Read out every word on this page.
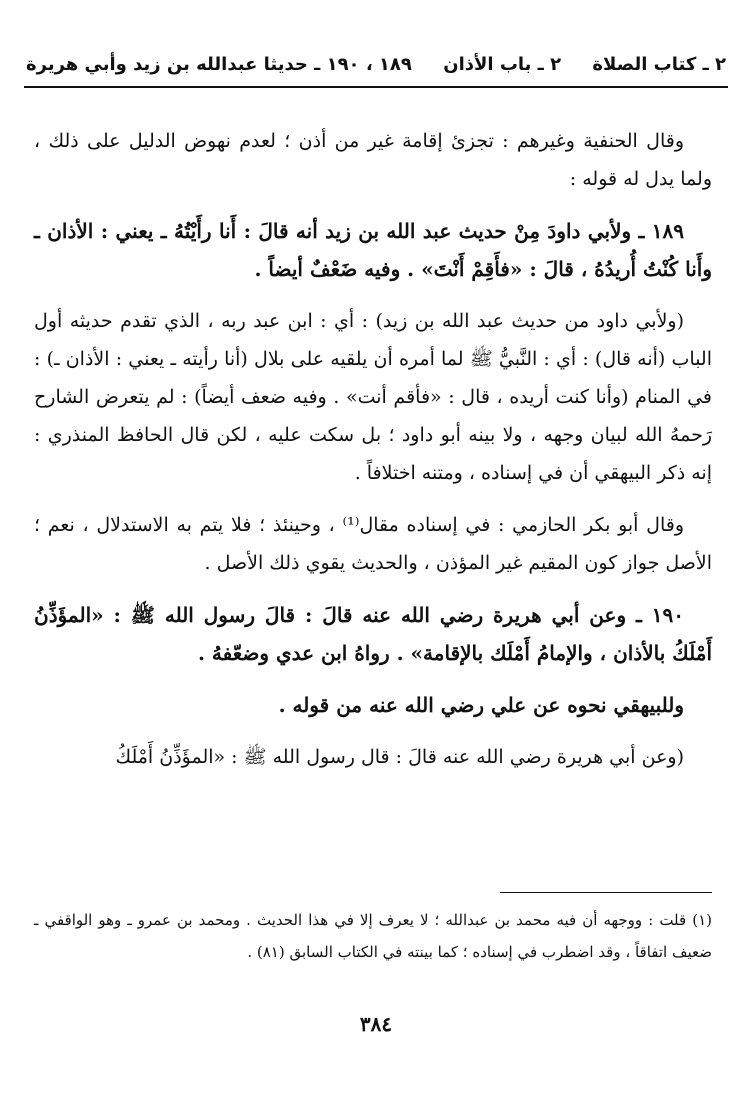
٢ ـ كتاب الصلاة
٢ ـ باب الأذان
١٨٩ ، ١٩٠ ـ حديثا عبدالله بن زيد وأبي هريرة

وقال الحنفية وغيرهم : تجزئ إقامة غير من أذن ؛ لعدم نهوض الدليل على ذلك ، ولما يدل له قوله :

١٨٩ ـ ولأبي داودَ مِنْ حديث عبد الله بن زيد أنه قالَ : أَنا رأَيْتُهُ ـ يعني : الأذان ـ وأَنا كُنْتُ أُريدُهُ ، قالَ : «فأَقِمْ أَنْتَ» . وفيه ضَعْفٌ أيضاً .

(ولأبي داود من حديث عبد الله بن زيد) : أي : ابن عبد ربه ، الذي تقدم حديثه أول الباب (أنه قال) : أي : النَّبيُّ ﷺ لما أمره أن يلقيه على بلال (أنا رأيته ـ يعني : الأذان ـ) : في المنام (وأنا كنت أريده ، قال : «فأقم أنت» . وفيه ضعف أيضاً) : لم يتعرض الشارح رَحمهُ الله لبيان وجهه ، ولا بينه أبو داود ؛ بل سكت عليه ، لكن قال الحافظ المنذري : إنه ذكر البيهقي أن في إسناده ، ومتنه اختلافاً .

وقال أبو بكر الحازمي : في إسناده مقال⁽¹⁾ ، وحينئذ ؛ فلا يتم به الاستدلال ، نعم ؛ الأصل جواز كون المقيم غير المؤذن ، والحديث يقوي ذلك الأصل .

١٩٠ ـ وعن أبي هريرة رضي الله عنه قالَ : قالَ رسول الله ﷺ : «المؤَذِّنُ أَمْلَكُ بالأذان ، والإمامُ أَمْلَك بالإقامة» . رواهُ ابن عدي وضعّفهُ .

وللبيهقي نحوه عن علي رضي الله عنه من قوله .

(وعن أبي هريرة رضي الله عنه قالَ : قال رسول الله ﷺ : «المؤَذِّنُ أَمْلَكُ

(١) قلت : ووجهه أن فيه محمد بن عبدالله ؛ لا يعرف إلا في هذا الحديث . ومحمد بن عمرو ـ وهو الواقفي ـ ضعيف اتفاقاً ، وقد اضطرب في إسناده ؛ كما بينته في الكتاب السابق (٨١) .

٣٨٤
